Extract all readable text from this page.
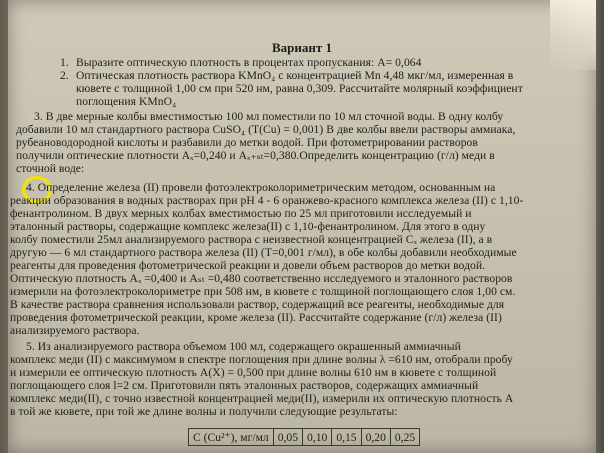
Вариант 1
1. Выразите оптическую плотность в процентах пропускания: А= 0,064
2. Оптическая плотность раствора KMnO₄ с концентрацией Mn 4,48 мкг/мл, измеренная в
кювете с толщиной 1,00 см при 520 нм, равна 0,309. Рассчитайте молярный коэффициент
поглощения KMnO₄
3. В две мерные колбы вместимостью 100 мл поместили по 10 мл сточной воды. В одну колбу
добавили 10 мл стандартного раствора CuSO₄ (Т(Cu) = 0,001) В две колбы ввели растворы аммиака,
рубеановодородной кислоты и разбавили до метки водой. При фотометрировании растворов
получили оптические плотности Аₓ=0,240 и Аₓ₊ₛₜ=0,380.Определить концентрацию (г/л) меди в
сточной воде:
4. Определение железа (II) провели фотоэлектроколориметрическим методом, основанным на
реакции образования в водных растворах при рН 4 - 6 оранжево-красного комплекса железа (II) с 1,10-
фенантролином. В двух мерных колбах вместимостью по 25 мл приготовили исследуемый и
эталонный растворы, содержащие комплекс железа(II) с 1,10-фенантролином. Для этого в одну
колбу поместили 25мл анализируемого раствора с неизвестной концентрацией Сₓ железа (II), а в
другую — 6 мл стандартного раствора железа (II) (Т=0,001 г/мл), в обе колбы добавили необходимые
реагенты для проведения фотометрической реакции и довели объем растворов до метки водой.
Оптическую плотность Аₓ =0,400 и Аₛₜ =0,480 соответственно исследуемого и эталонного растворов
измерили на фотоэлектроколориметре при 508 нм, в кювете с толщиной поглощающего слоя 1,00 см.
В качестве раствора сравнения использовали раствор, содержащий все реагенты, необходимые для
проведения фотометрической реакции, кроме железа (II). Рассчитайте содержание (г/л) железа (II)
анализируемого раствора.
5. Из анализируемого раствора объемом 100 мл, содержащего окрашенный аммиачный
комплекс меди (II) с максимумом в спектре поглощения при длине волны λ =610 нм, отобрали пробу
и измерили ее оптическую плотность А(Х) = 0,500 при длине волны 610 нм в кювете с толщиной
поглощающего слоя l=2 см. Приготовили пять эталонных растворов, содержащих аммиачный
комплекс меди(II), с точно известной концентрацией меди(II), измерили их оптическую плотность А
в той же кювете, при той же длине волны и получили следующие результаты:
C (Cu²⁺), мг/мл	0,05	0,10	0,15	0,20	0,25
